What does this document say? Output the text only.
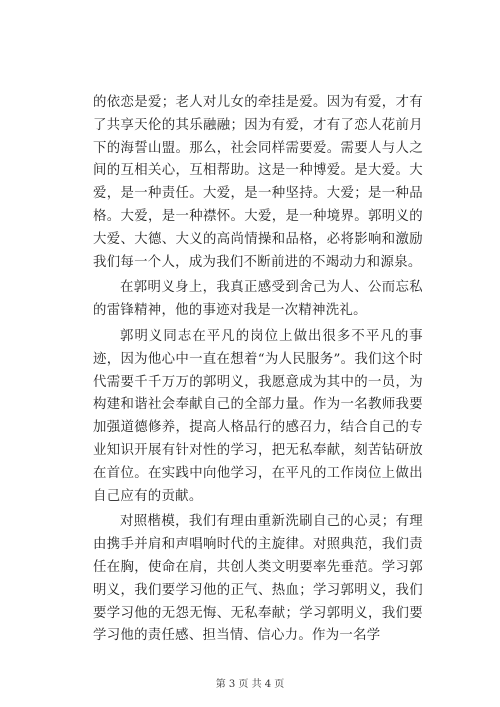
的依恋是爱；老人对儿女的牵挂是爱。因为有爱，才有了共享天伦的其乐融融；因为有爱，才有了恋人花前月下的海誓山盟。那么，社会同样需要爱。需要人与人之间的互相关心，互相帮助。这是一种博爱。是大爱。大爱，是一种责任。大爱，是一种坚持。大爱；是一种品格。大爱，是一种襟怀。大爱，是一种境界。郭明义的大爱、大德、大义的高尚情操和品格，必将影响和激励我们每一个人，成为我们不断前进的不竭动力和源泉。

在郭明义身上，我真正感受到舍己为人、公而忘私的雷锋精神，他的事迹对我是一次精神洗礼。

郭明义同志在平凡的岗位上做出很多不平凡的事迹，因为他心中一直在想着“为人民服务”。我们这个时代需要千千万万的郭明义，我愿意成为其中的一员，为构建和谐社会奉献自己的全部力量。作为一名教师我要加强道德修养，提高人格品行的感召力，结合自己的专业知识开展有针对性的学习，把无私奉献，刻苦钻研放在首位。在实践中向他学习，在平凡的工作岗位上做出自己应有的贡献。

对照楷模，我们有理由重新洗刷自己的心灵；有理由携手并肩和声唱响时代的主旋律。对照典范，我们责任在胸，使命在肩，共创人类文明要率先垂范。学习郭明义，我们要学习他的正气、热血；学习郭明义，我们要学习他的无怨无悔、无私奉献；学习郭明义，我们要学习他的责任感、担当情、信心力。作为一名学

第 3 页 共 4 页
